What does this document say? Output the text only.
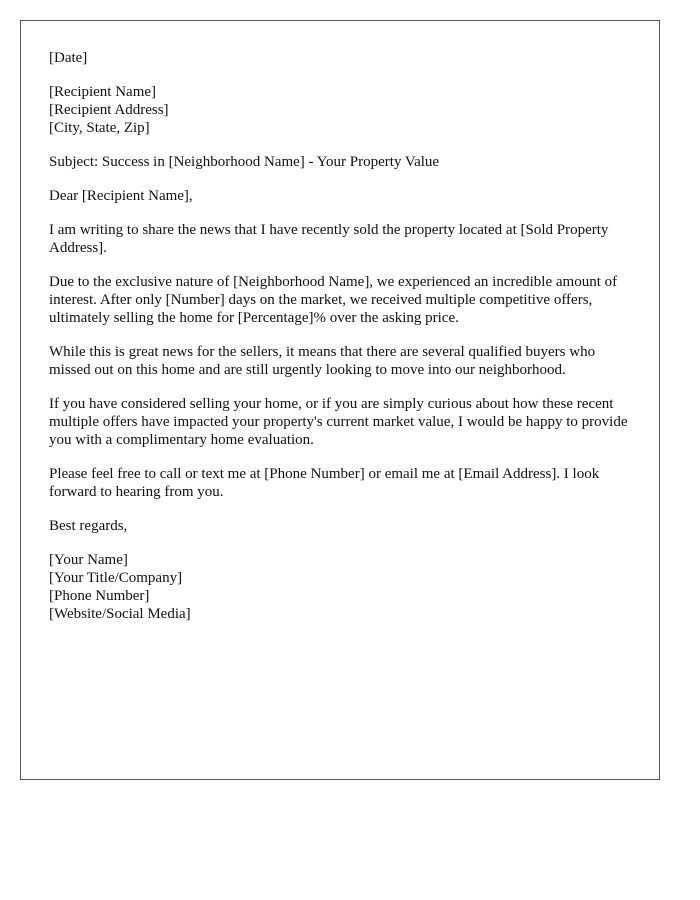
[Date]
[Recipient Name]
[Recipient Address]
[City, State, Zip]
Subject: Success in [Neighborhood Name] - Your Property Value
Dear [Recipient Name],

I am writing to share the news that I have recently sold the property located at [Sold Property Address].

Due to the exclusive nature of [Neighborhood Name], we experienced an incredible amount of interest. After only [Number] days on the market, we received multiple competitive offers, ultimately selling the home for [Percentage]% over the asking price.

While this is great news for the sellers, it means that there are several qualified buyers who missed out on this home and are still urgently looking to move into our neighborhood.

If you have considered selling your home, or if you are simply curious about how these recent multiple offers have impacted your property's current market value, I would be happy to provide you with a complimentary home evaluation.

Please feel free to call or text me at [Phone Number] or email me at [Email Address]. I look forward to hearing from you.

Best regards,
[Your Name]
[Your Title/Company]
[Phone Number]
[Website/Social Media]
